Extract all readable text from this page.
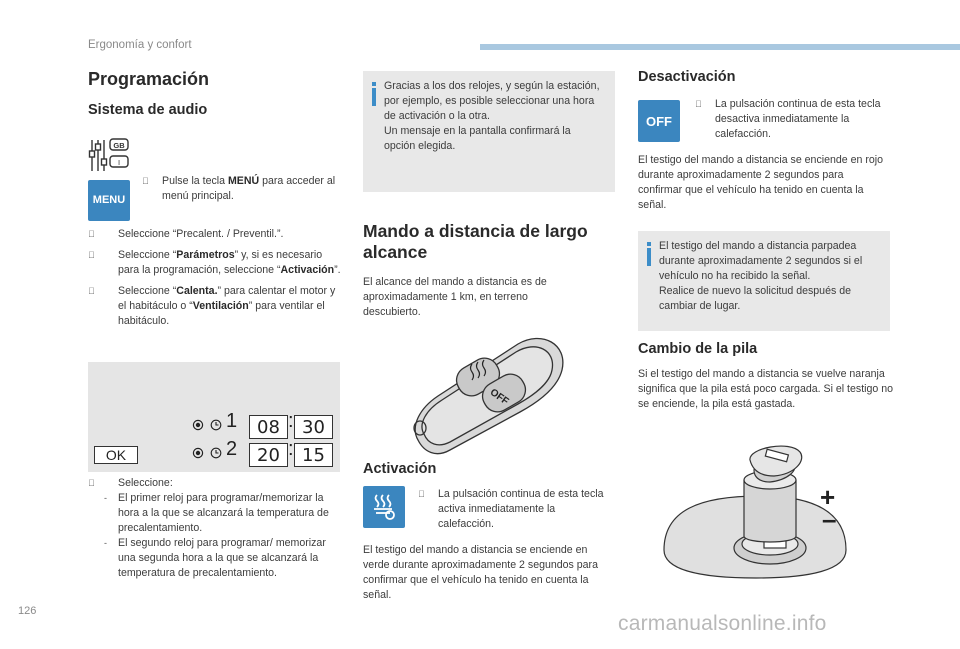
Ergonomía y confort
Programación
Sistema de audio
GB
I
MENU

Pulse la tecla MENÚ para acceder al menú principal.

Seleccione “Precalent. / Preventil.”.

Seleccione “Parámetros” y, si es necesario para la programación, seleccione “Activación”.

Seleccione “Calenta.” para calentar el motor y el habitáculo o “Ventilación” para ventilar el habitáculo.

OK
1	08 : 30
2	20 : 15

Seleccione:

- El primer reloj para programar/memorizar la hora a la que se alcanzará la temperatura de precalentamiento.

- El segundo reloj para programar/ memorizar una segunda hora a la que se alcanzará la temperatura de precalentamiento.

Gracias a los dos relojes, y según la estación, por ejemplo, es posible seleccionar una hora de activación o la otra.
Un mensaje en la pantalla confirmará la opción elegida.
Mando a distancia de largo alcance
El alcance del mando a distancia es de aproximadamente 1 km, en terreno descubierto.
OFF
Activación

La pulsación continua de esta tecla activa inmediatamente la calefacción.

El testigo del mando a distancia se enciende en verde durante aproximadamente 2 segundos para confirmar que el vehículo ha tenido en cuenta la señal.
Desactivación
OFF

La pulsación continua de esta tecla desactiva inmediatamente la calefacción.

El testigo del mando a distancia se enciende en rojo durante aproximadamente 2 segundos para confirmar que el vehículo ha tenido en cuenta la señal.
El testigo del mando a distancia parpadea durante aproximadamente 2 segundos si el vehículo no ha recibido la señal.
Realice de nuevo la solicitud después de cambiar de lugar.
Cambio de la pila
Si el testigo del mando a distancia se vuelve naranja significa que la pila está poco cargada. Si el testigo no se enciende, la pila está gastada.
+
–
126
carmanualsonline.info
